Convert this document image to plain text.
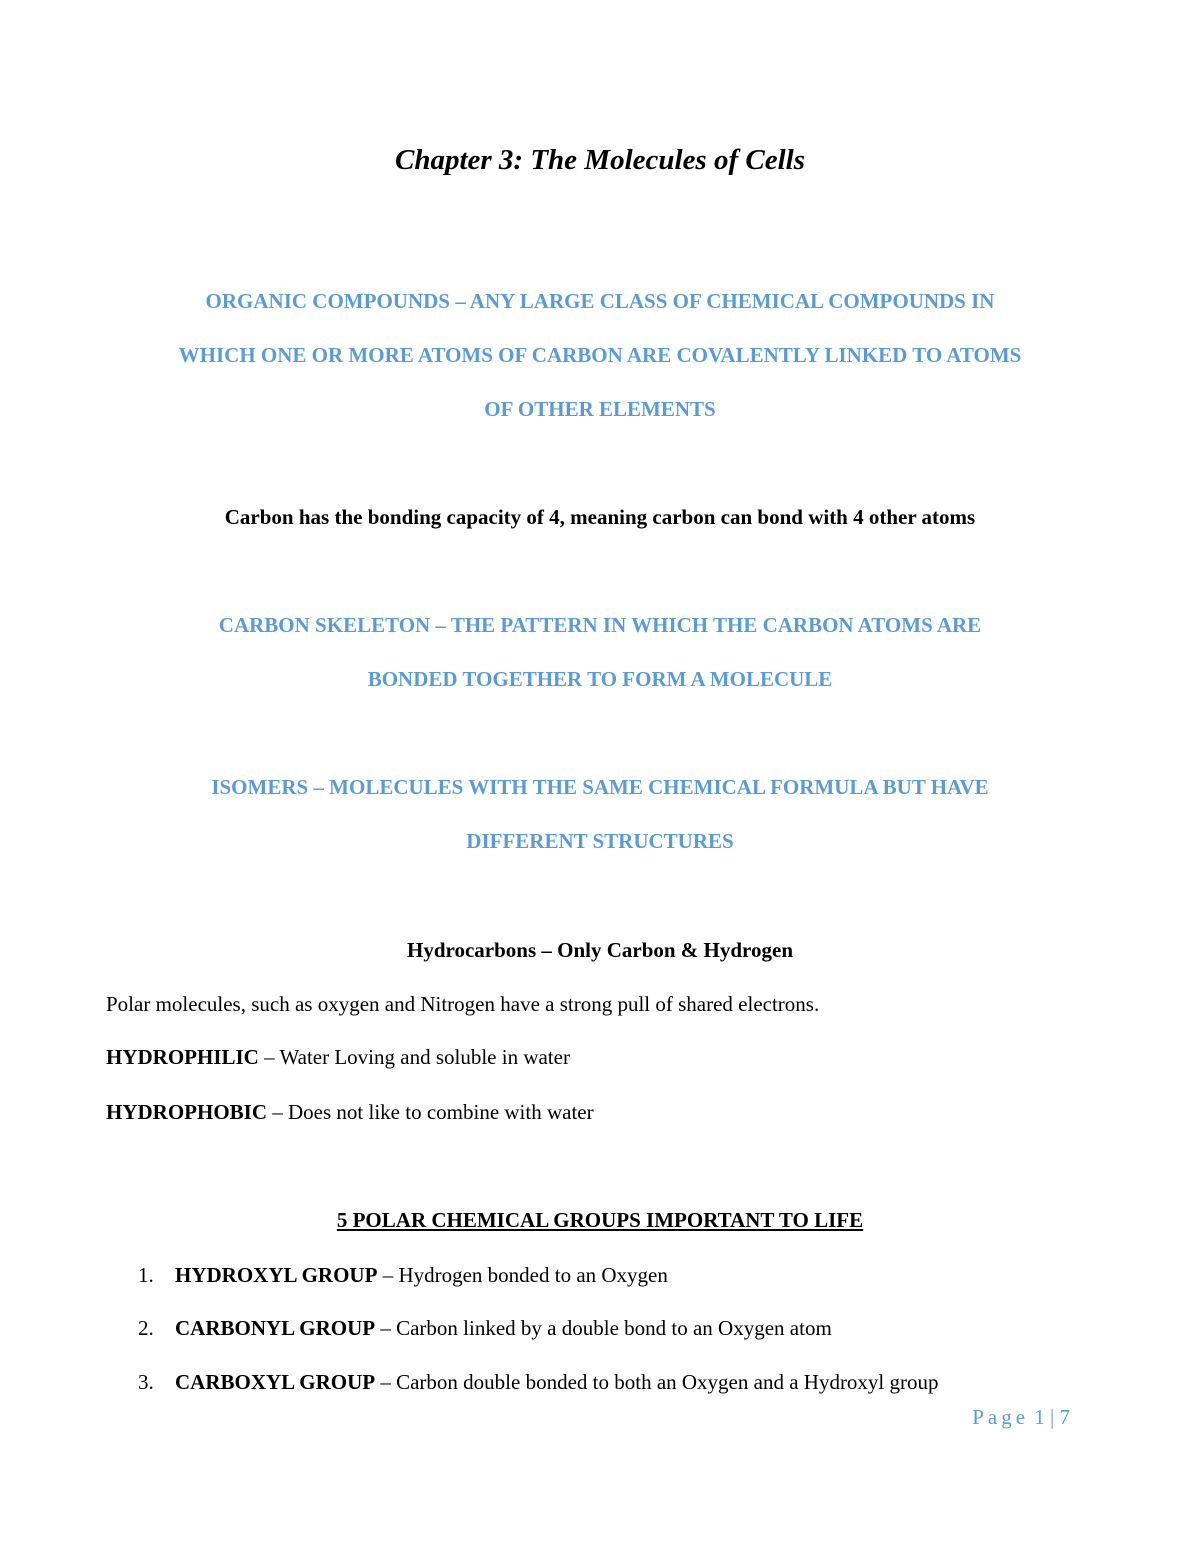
Chapter 3: The Molecules of Cells
ORGANIC COMPOUNDS – ANY LARGE CLASS OF CHEMICAL COMPOUNDS IN
WHICH ONE OR MORE ATOMS OF CARBON ARE COVALENTLY LINKED TO ATOMS
OF OTHER ELEMENTS
Carbon has the bonding capacity of 4, meaning carbon can bond with 4 other atoms
CARBON SKELETON – THE PATTERN IN WHICH THE CARBON ATOMS ARE
BONDED TOGETHER TO FORM A MOLECULE
ISOMERS – MOLECULES WITH THE SAME CHEMICAL FORMULA BUT HAVE
DIFFERENT STRUCTURES
Hydrocarbons – Only Carbon & Hydrogen
Polar molecules, such as oxygen and Nitrogen have a strong pull of shared electrons.
HYDROPHILIC – Water Loving and soluble in water
HYDROPHOBIC – Does not like to combine with water
5 POLAR CHEMICAL GROUPS IMPORTANT TO LIFE
1. HYDROXYL GROUP – Hydrogen bonded to an Oxygen
2. CARBONYL GROUP – Carbon linked by a double bond to an Oxygen atom
3. CARBOXYL GROUP – Carbon double bonded to both an Oxygen and a Hydroxyl group
Page 1 | 7
